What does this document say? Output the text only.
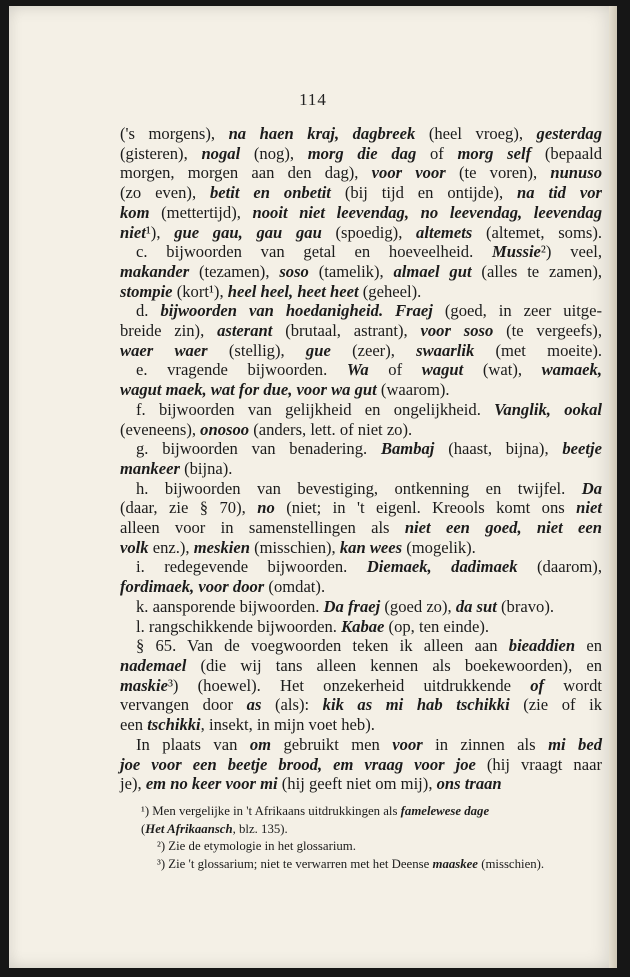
114

('s morgens), na haen kraj, dagbreek (heel vroeg), gesterdag

(gisteren), nogal (nog), morg die dag of morg self (bepaald

morgen, morgen aan den dag), voor voor (te voren), nunuso

(zo even), betit en onbetit (bij tijd en ontijde), na tid vor

kom (mettertijd), nooit niet leevendag, no leevendag, leevendag

niet¹), gue gau, gau gau (spoedig), altemets (altemet, soms).

c. bijwoorden van getal en hoeveelheid. Mussie²) veel,

makander (tezamen), soso (tamelik), almael gut (alles te zamen),

stompie (kort¹), heel heel, heet heet (geheel).

d. bijwoorden van hoedanigheid. Fraej (goed, in zeer uitge-

breide zin), asterant (brutaal, astrant), voor soso (te vergeefs),

waer waer (stellig), gue (zeer), swaarlik (met moeite).

e. vragende bijwoorden. Wa of wagut (wat), wamaek,

wagut maek, wat for due, voor wa gut (waarom).

f. bijwoorden van gelijkheid en ongelijkheid. Vanglik, ookal

(eveneens), onosoo (anders, lett. of niet zo).

g. bijwoorden van benadering. Bambaj (haast, bijna), beetje

mankeer (bijna).

h. bijwoorden van bevestiging, ontkenning en twijfel. Da

(daar, zie § 70), no (niet; in 't eigenl. Kreools komt ons niet

alleen voor in samenstellingen als niet een goed, niet een

volk enz.), meskien (misschien), kan wees (mogelik).

i. redegevende bijwoorden. Diemaek, dadimaek (daarom),

fordimaek, voor door (omdat).

k. aansporende bijwoorden. Da fraej (goed zo), da sut (bravo).

l. rangschikkende bijwoorden. Kabae (op, ten einde).

§ 65. Van de voegwoorden teken ik alleen aan bieaddien en

nademael (die wij tans alleen kennen als boekewoorden), en

maskie³) (hoewel). Het onzekerheid uitdrukkende of wordt

vervangen door as (als): kik as mi hab tschikki (zie of ik

een tschikki, insekt, in mijn voet heb).

In plaats van om gebruikt men voor in zinnen als mi bed

joe voor een beetje brood, em vraag voor joe (hij vraagt naar

je), em no keer voor mi (hij geeft niet om mij), ons traan

¹) Men vergelijke in 't Afrikaans uitdrukkingen als famelewese dage

(Het Afrikaansch, blz. 135).

²) Zie de etymologie in het glossarium.

³) Zie 't glossarium; niet te verwarren met het Deense maaskee (misschien).
